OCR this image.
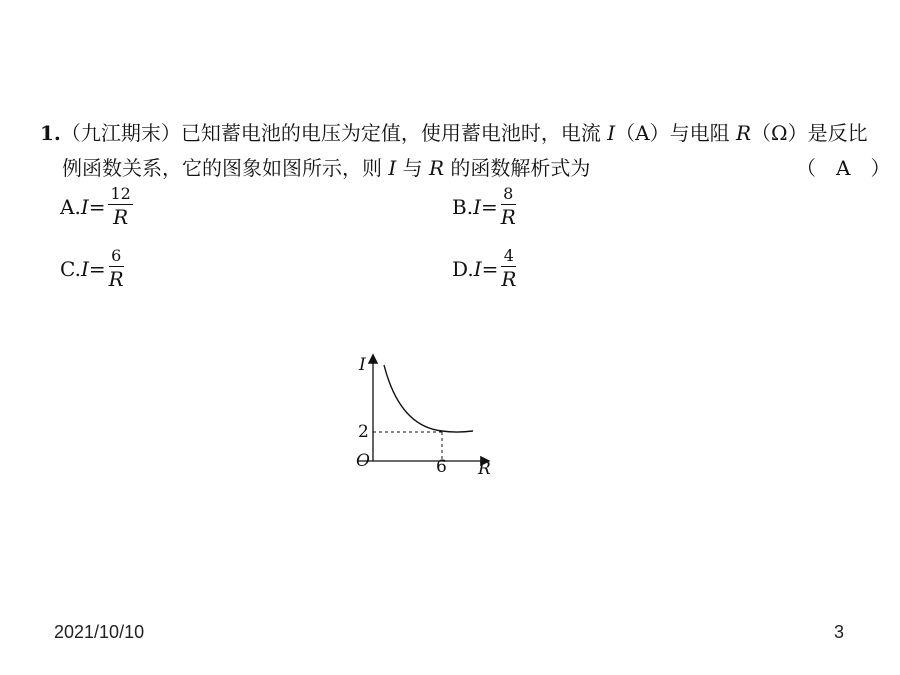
1.（九江期末）已知蓄电池的电压为定值，使用蓄电池时，电流 I（A）与电阻 R（Ω）是反比
例函数关系，它的图象如图所示，则 I 与 R 的函数解析式为	（　A　）
A. $I = \frac{12}{R}$	B. $I = \frac{8}{R}$
C. $I = \frac{6}{R}$	D. $I = \frac{4}{R}$
I
R
O
2
6
2021/10/10	3
